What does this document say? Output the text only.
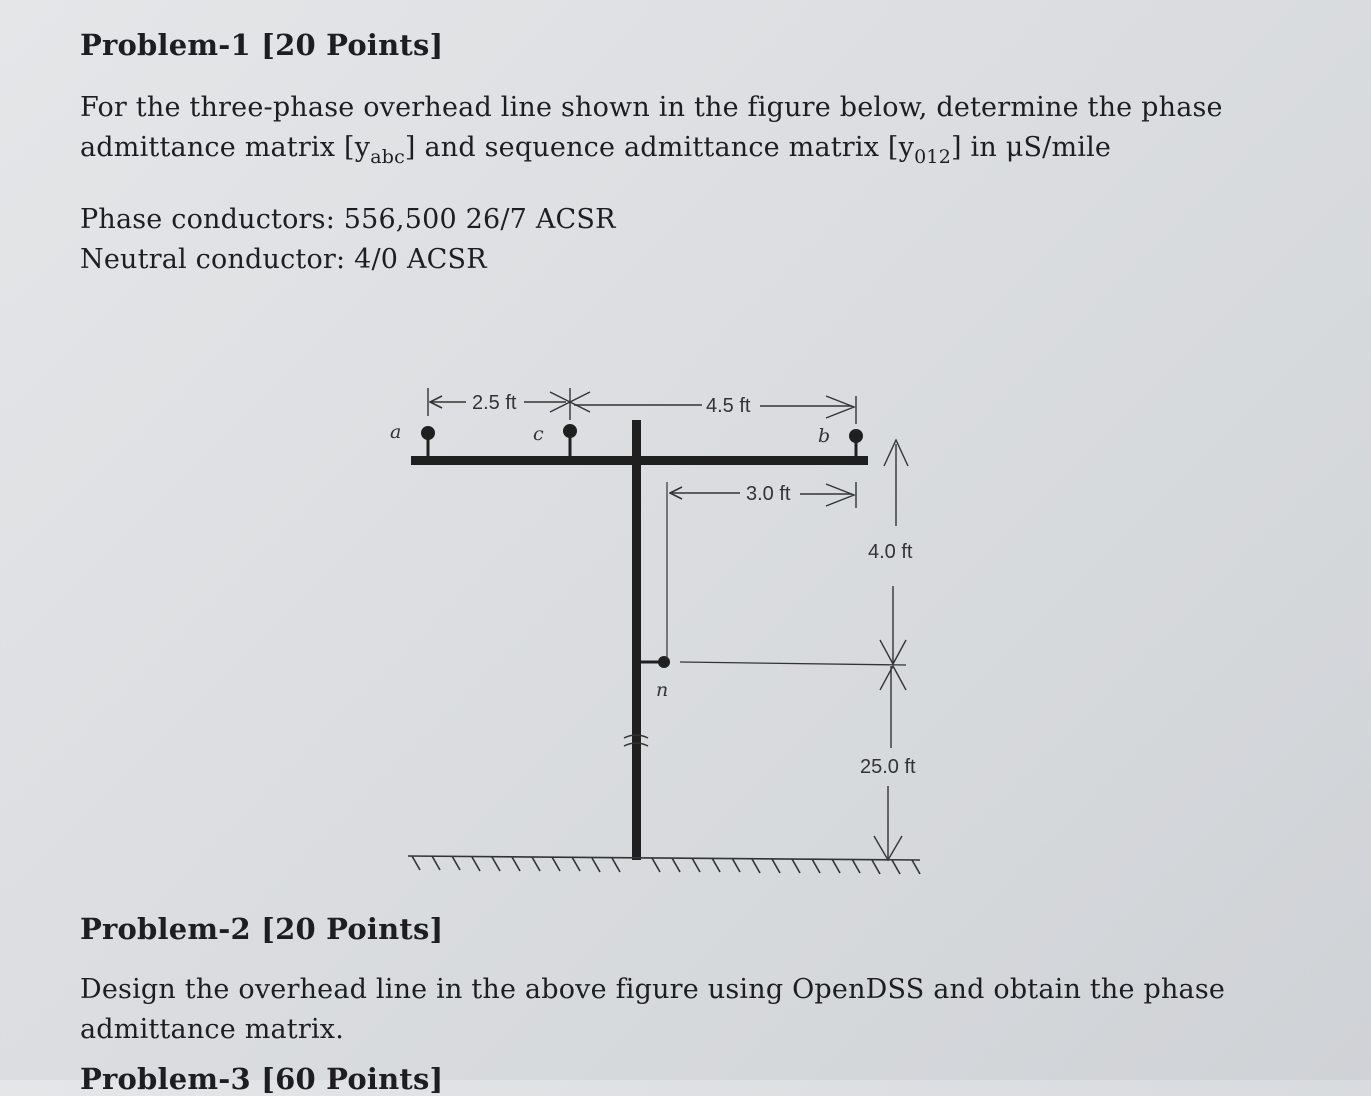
Problem-1 [20 Points]
For the three-phase overhead line shown in the figure below, determine the phase
admittance matrix $[y_{abc}]$ and sequence admittance matrix $[y_{012}]$ in μS/mile
Phase conductors: 556,500 26/7 ACSR
Neutral conductor: 4/0 ACSR
a	c	b
n
2.5 ft	4.5 ft
3.0 ft
4.0 ft
25.0 ft
Problem-2 [20 Points]
Design the overhead line in the above figure using OpenDSS and obtain the phase
admittance matrix.
Problem-3 [60 Points]
